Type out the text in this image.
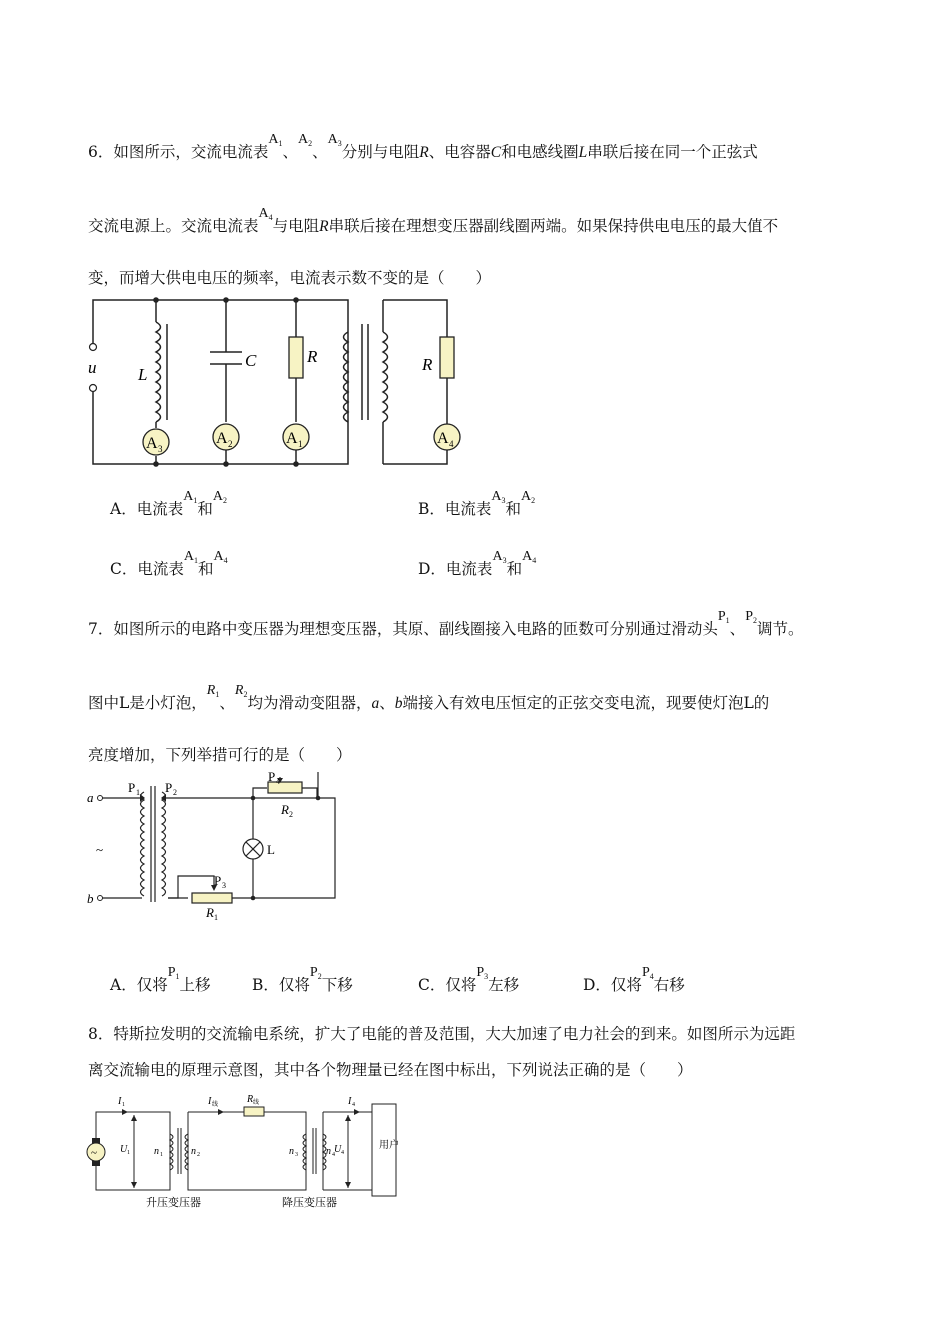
6．如图所示，交流电流表$A^1$、$A^2$、$A^3$分别与电阻R、电容器C和电感线圈L串联后接在同一个正弦式
交流电源上。交流电流表$A^4$与电阻R串联后接在理想变压器副线圈两端。如果保持供电电压的最大值不
变，而增大供电电压的频率，电流表示数不变的是（　　）
u L
C	R	R
A 3
A 2	A 1	A 4
A．电流表$A^1$和$A^2$	B．电流表$A^3$和$A^2$
C．电流表$A^1$和$A^4$	D．电流表$A^3$和$A^4$
7．如图所示的电路中变压器为理想变压器，其原、副线圈接入电路的匝数可分别通过滑动头$P^1$、$P^2$调节。
图中L是小灯泡，$R^1$、$R^2$均为滑动变阻器，a、b端接入有效电压恒定的正弦交变电流，现要使灯泡L的
亮度增加，下列举措可行的是（　　）
a
b
~
P 1 P 2
P 4
R 2
L
P 3
R 1
A．仅将$P^1$上移	B．仅将$P^2$下移	C．仅将$P^3$左移	D．仅将$P^4$右移
8．特斯拉发明的交流输电系统，扩大了电能的普及范围，大大加速了电力社会的到来。如图所示为远距
离交流输电的原理示意图，其中各个物理量已经在图中标出，下列说法正确的是（　　）
~
用户
I 1	I 线	R 线	I 4
U 1	U 4
n 1	n 2	n 3	n 4
升压变压器	降压变压器
